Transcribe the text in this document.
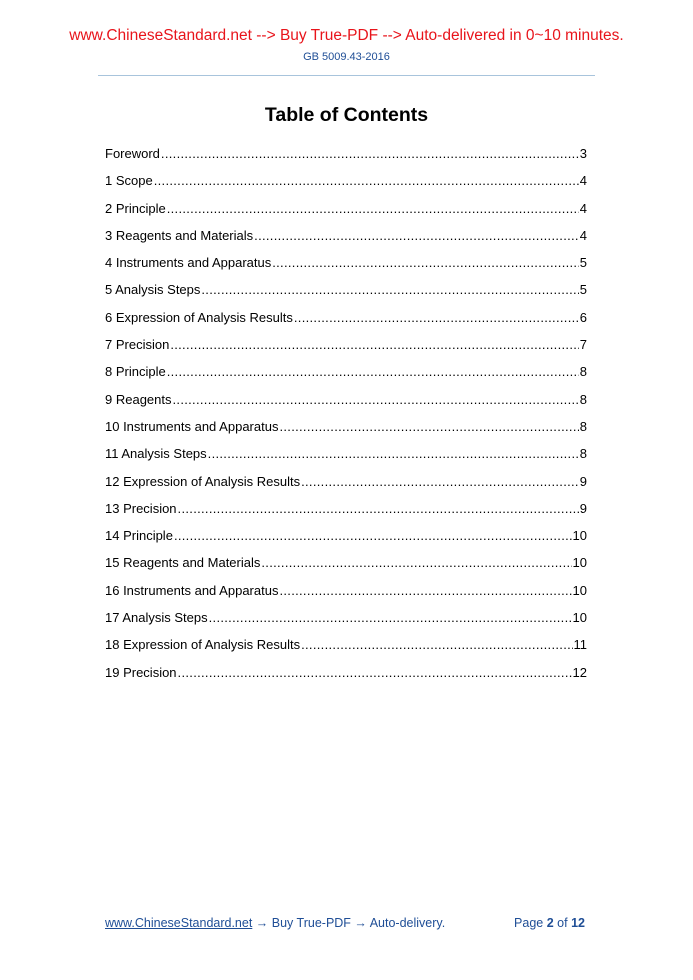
www.ChineseStandard.net --> Buy True-PDF --> Auto-delivered in 0~10 minutes.
GB 5009.43-2016
Table of Contents
Foreword .....	3
1 Scope .....	4
2 Principle .....	4
3 Reagents and Materials .....	4
4 Instruments and Apparatus .....	5
5 Analysis Steps .....	5
6 Expression of Analysis Results .....	6
7 Precision .....	7
8 Principle .....	8
9 Reagents .....	8
10 Instruments and Apparatus .....	8
11 Analysis Steps .....	8
12 Expression of Analysis Results .....	9
13 Precision .....	9
14 Principle .....	10
15 Reagents and Materials .....	10
16 Instruments and Apparatus .....	10
17 Analysis Steps .....	10
18 Expression of Analysis Results .....	11
19 Precision .....	12
www.ChineseStandard.net → Buy True-PDF → Auto-delivery.	Page 2 of 12
